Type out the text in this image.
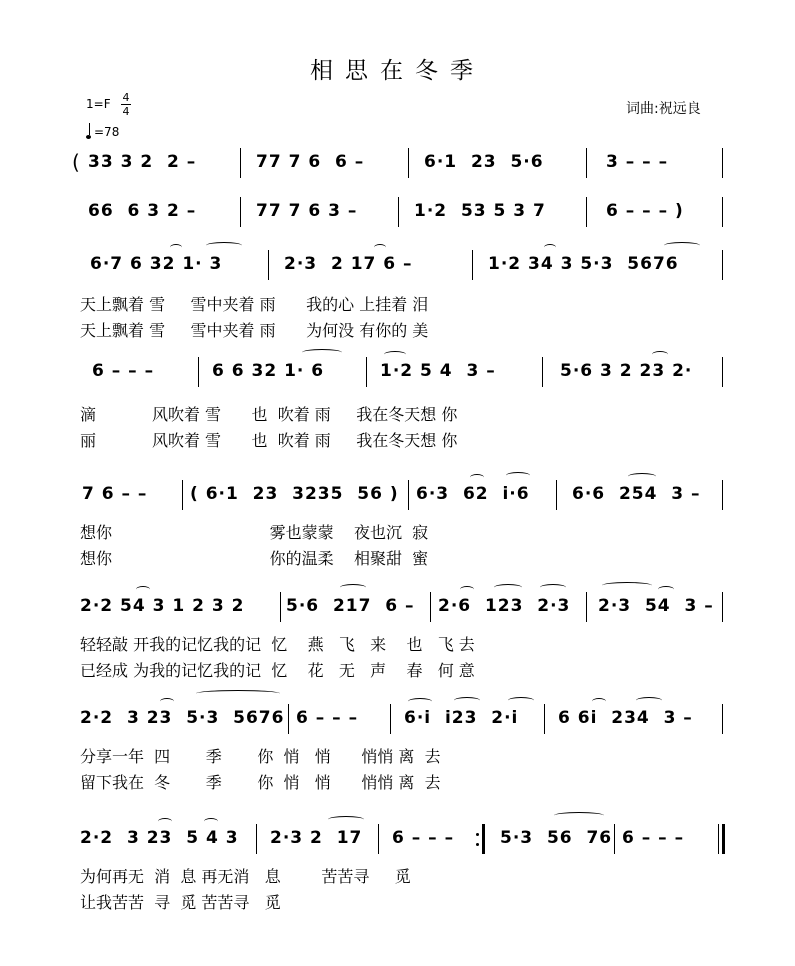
相思在冬季
1=F 4
4
=78
词曲:祝远良
( 33 3 2  2 –	77 7 6  6 –	6·1  23  5·6	3 – – –
66  6 3 2 –	77 7 6 3 –	1·2  53 5 3 7	6 – – – )
6·7 6 32 1· 3	2·3  2 17 6 –	1·2 34 3 5·3  5676
天上飘着 雪     雪中夹着 雨      我的心 上挂着 泪
天上飘着 雪     雪中夹着 雨      为何没 有你的 美
6 – – –	6 6 32 1· 6	1·2 5 4  3 –	5·6 3 2 23 2·
滴           风吹着 雪      也  吹着 雨     我在冬天想 你
丽           风吹着 雪      也  吹着 雨     我在冬天想 你
7 6 – –	( 6·1  23  3235  56 ) 6·3  62  i·6 6·6  254  3 –
想你                               雾也蒙蒙    夜也沉  寂
想你                               你的温柔    相聚甜  蜜
2·2 54 3 1 2 3 2 5·6  217  6 – 2·6  123  2·3 2·3  54  3 –
轻轻敲 开我的记忆我的记  忆    燕   飞   来    也   飞 去
已经成 为我的记忆我的记  忆    花   无   声    春   何 意
2·2  3 23  5·3  5676 6 – – –	6·i  i23  2·i 6 6i  234  3 –
分享一年  四       季       你  悄   悄      悄悄 离  去
留下我在  冬       季       你  悄   悄      悄悄 离  去
2·2  3 23  5 4 3 2·3 2  17 6 – – –	5·3  56  76 6 – – –
为何再无  消  息 再无消   息        苦苦寻     觅
让我苦苦  寻  觅 苦苦寻   觅
